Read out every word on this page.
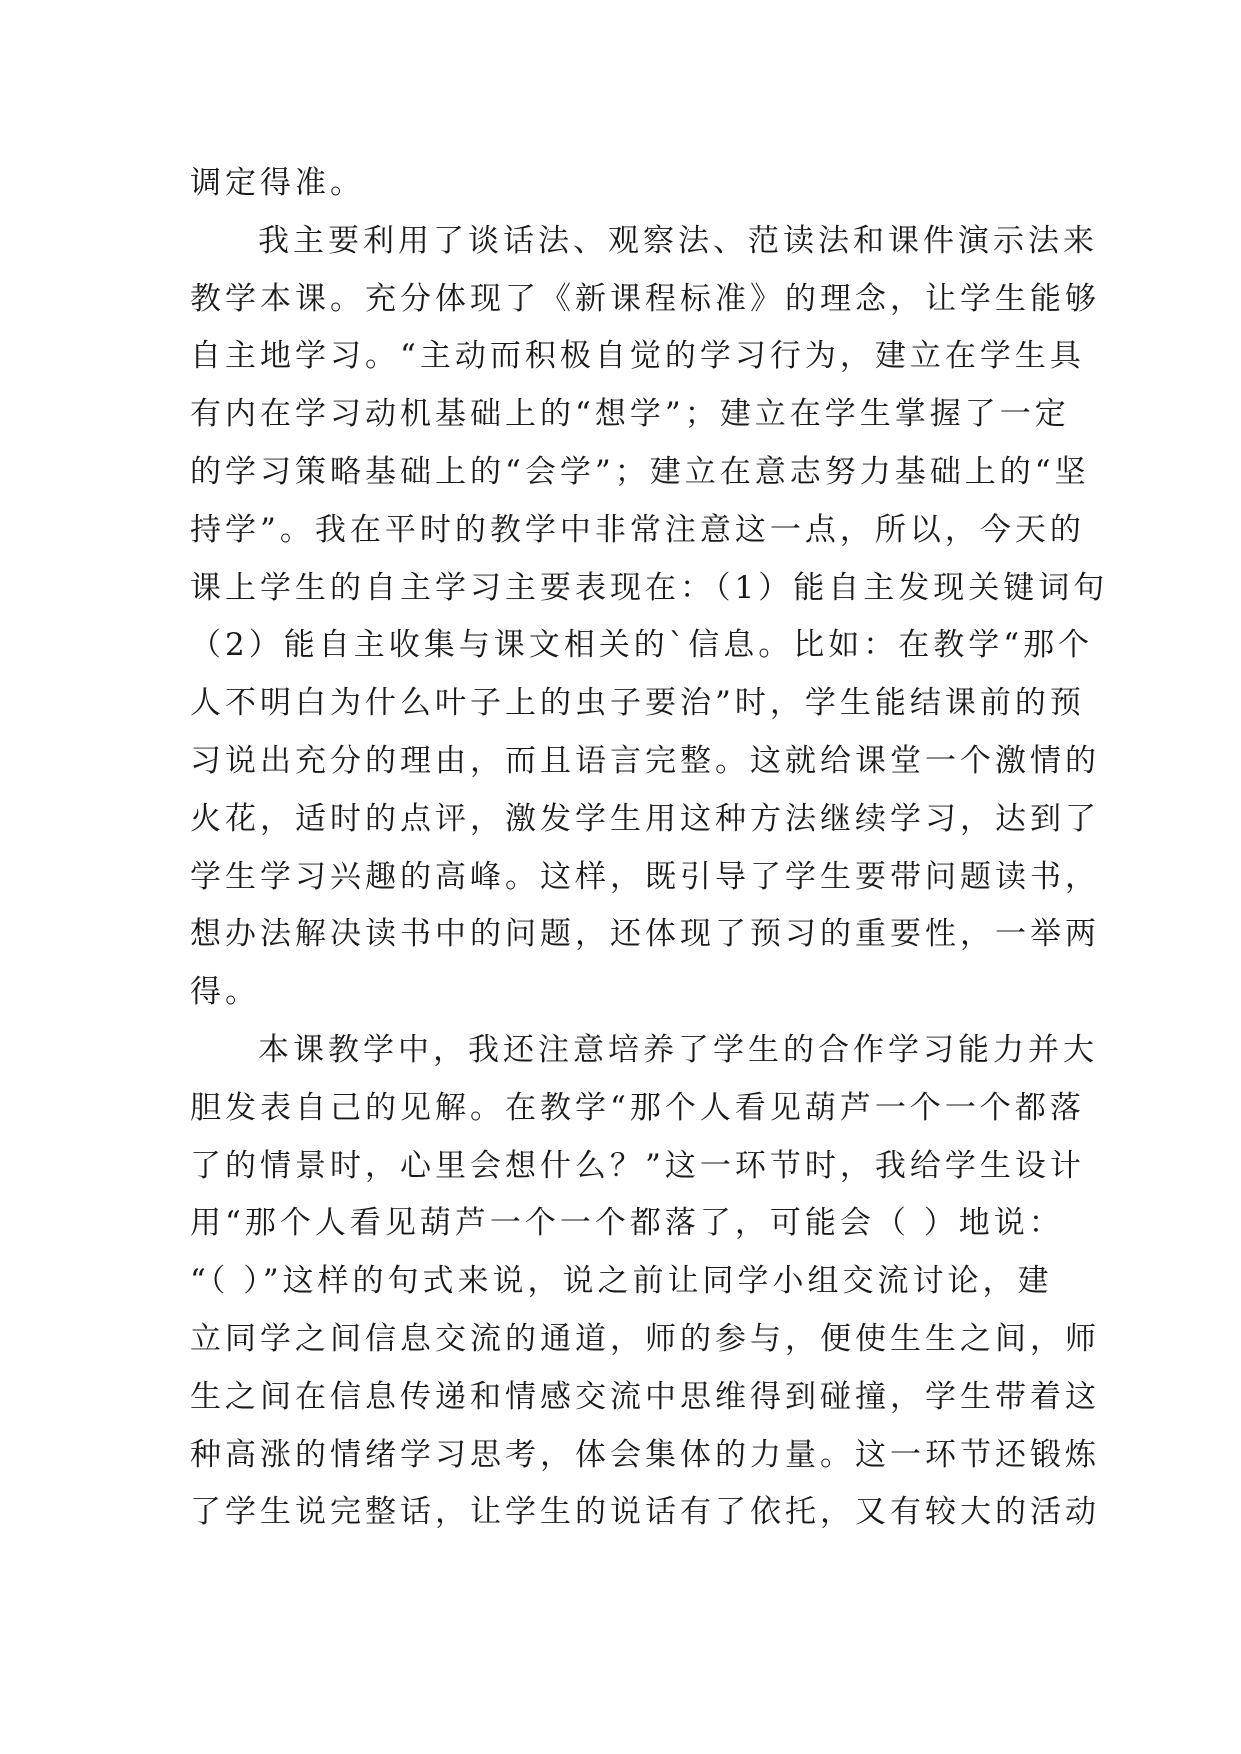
调定得准。
我主要利用了谈话法、观察法、范读法和课件演示法来
教学本课。充分体现了《新课程标准》的理念，让学生能够
自主地学习。“主动而积极自觉的学习行为，建立在学生具
有内在学习动机基础上的“想学”；建立在学生掌握了一定
的学习策略基础上的“会学”；建立在意志努力基础上的“坚
持学”。我在平时的教学中非常注意这一点，所以，今天的
课上学生的自主学习主要表现在：（1）能自主发现关键词句
（2）能自主收集与课文相关的`信息。比如：在教学“那个
人不明白为什么叶子上的虫子要治”时，学生能结课前的预
习说出充分的理由，而且语言完整。这就给课堂一个激情的
火花，适时的点评，激发学生用这种方法继续学习，达到了
学生学习兴趣的高峰。这样，既引导了学生要带问题读书，
想办法解决读书中的问题，还体现了预习的重要性，一举两
得。
本课教学中，我还注意培养了学生的合作学习能力并大
胆发表自己的见解。在教学“那个人看见葫芦一个一个都落
了的情景时，心里会想什么？”这一环节时，我给学生设计
用“那个人看见葫芦一个一个都落了，可能会（ ）地说：
“（ ）”这样的句式来说，说之前让同学小组交流讨论，建
立同学之间信息交流的通道，师的参与，便使生生之间，师
生之间在信息传递和情感交流中思维得到碰撞，学生带着这
种高涨的情绪学习思考，体会集体的力量。这一环节还锻炼
了学生说完整话，让学生的说话有了依托，又有较大的活动
